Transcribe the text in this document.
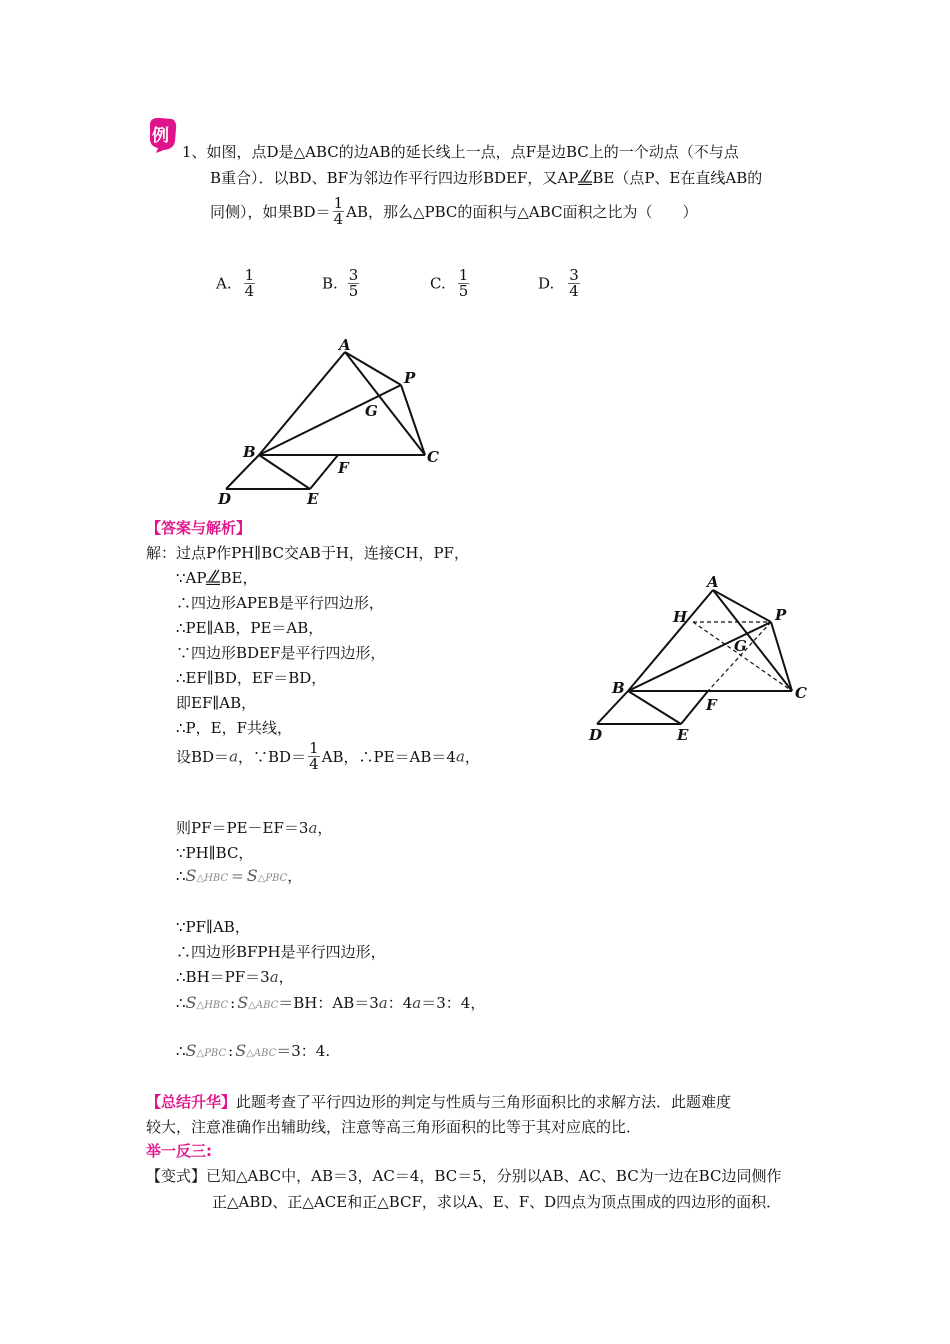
例
1、如图，点D是△ABC的边AB的延长线上一点，点F是边BC上的一个动点（不与点
B重合）．以BD、BF为邻边作平行四边形BDEF，又AP BE（点P、E在直线AB的
同侧），如果$BD= \frac{1}{4}$ AB，那么△PBC的面积与△ABC面积之比为（　　）
A. $\frac{1}{4}$	B. $\frac{3}{5}$	C. $\frac{1}{5}$	D. $\frac{3}{4}$
A
P
G
B	C
F
D	E
【答案与解析】
解：过点P作PH∥BC交AB于H，连接CH，PF，
∵AP BE，
∴四边形APEB是平行四边形，
∴PE∥AB，PE＝AB，
∵四边形BDEF是平行四边形，
∴EF∥BD，EF＝BD，
即EF∥AB，
∴P，E，F共线，
设BD＝a，∵BD＝ $\frac{1}{4}$ AB，∴PE＝AB＝4a，
则PF＝PE－EF＝3a，
∵PH∥BC，
∴S△HBC = S△PBC，
∵PF∥AB，
∴四边形BFPH是平行四边形，
∴BH＝PF＝3a，
∴S△HBC : S△ABC＝BH：AB＝3a：4a＝3：4，
∴S△PBC : S△ABC＝3：4.
A
H	P
G
B	C
F
D	E
【总结升华】此题考查了平行四边形的判定与性质与三角形面积比的求解方法．此题难度
较大，注意准确作出辅助线，注意等高三角形面积的比等于其对应底的比．
举一反三:
【变式】已知△ABC中，AB＝3，AC＝4，BC＝5，分别以AB、AC、BC为一边在BC边同侧作
正△ABD、正△ACE和正△BCF，求以A、E、F、D四点为顶点围成的四边形的面积．
